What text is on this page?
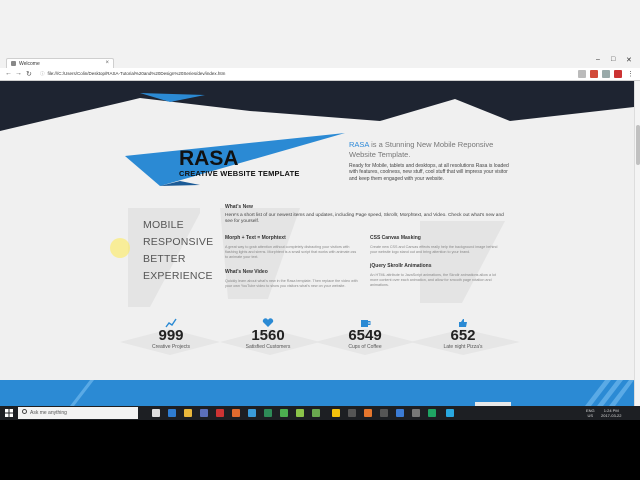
Welcome	×	– □ ✕
← → ↻ ⓘ file:///C:/Users/Colin/Desktop/RASA-Tutorial%20and%20Design%20Series/dev/index.htm	⋮
RASA
CREATIVE WEBSITE TEMPLATE
RASA is a Stunning New Mobile Reponsive Website Template.
Ready for Mobile, tablets and desktops, at all resolutions Rasa is loaded with features, coolness, new stuff, cool stuff that will impress your visitor and keep them engaged with your website.
MOBILE
RESPONSIVE
BETTER
EXPERIENCE
What's New
Here's a short list of our newest items and updates, including Page speed, Skrollr, Morphtext, and Video. Check out what's new and see for yourself.
Morph + Text = Morphtext
A great way to grab attention without completely distracting your visitors with flashing lights and sirens. Morphtext is a small script that works with animate.css to animate your text.
What's New Video
Quickly learn about what's new in the Rasa template. Then replace the video with your own YouTube video to show you visitors what's new on your website.
CSS Canvas Masking
Create new CSS and Canvas effects really help the background image behind your website logo stand out and bring attention to your brand.
jQuery Skrollr Animations
An HTML attribute to JavaScript animations, the Skrollr animations allow a lot more content over each animation, and allow for smooth page rotation and animations.
999
Creative Projects
1560
Satisfied Customers
6549
Cups of Coffee
652
Late night Pizza's
Ask me anything	ENG
US
1:24 PM
2017-03-22
